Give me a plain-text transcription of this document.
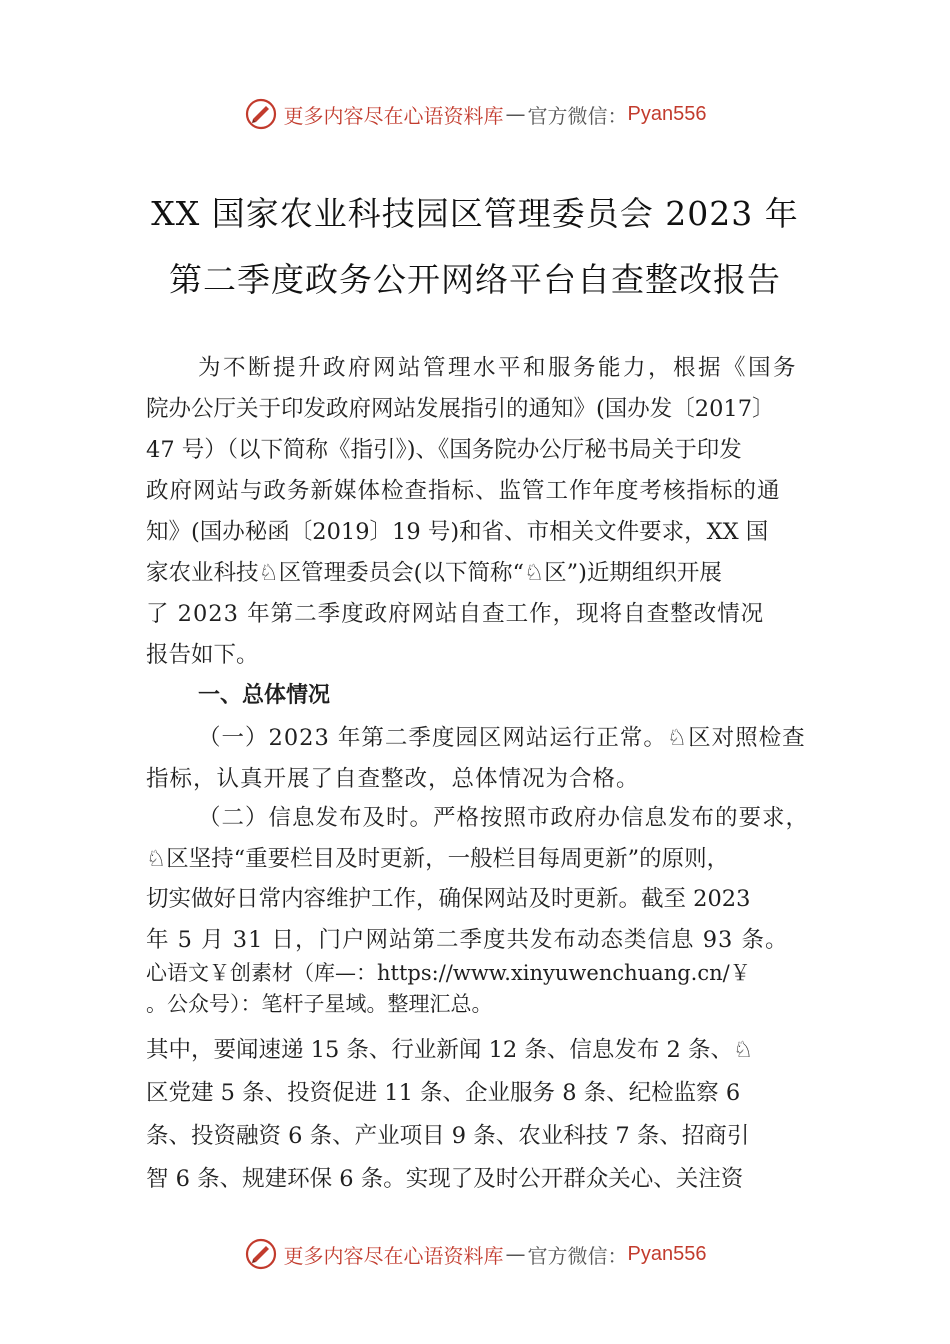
更多内容尽在心语资料库 — 官方微信： Pyan556
XX 国家农业科技园区管理委员会 2023 年
第二季度政务公开网络平台自查整改报告
为不断提升政府网站管理水平和服务能力，根据《国务
院办公厅关于印发政府网站发展指引的通知》(国办发〔2017〕
47 号）（以下简称《指引》)、《国务院办公厅秘书局关于印发
政府网站与政务新媒体检查指标、监管工作年度考核指标的通
知》(国办秘函〔2019〕19 号)和省、市相关文件要求，XX 国
家农业科技♘区管理委员会(以下简称“♘区”)近期组织开展
了 2023 年第二季度政府网站自查工作，现将自查整改情况
报告如下。
一、总体情况
（一）2023 年第二季度园区网站运行正常。♘区对照检查
指标，认真开展了自查整改，总体情况为合格。
（二）信息发布及时。严格按照市政府办信息发布的要求，
♘区坚持“重要栏目及时更新，一般栏目每周更新”的原则，
切实做好日常内容维护工作，确保网站及时更新。截至 2023
年 5 月 31 日，门户网站第二季度共发布动态类信息 93 条。
心语文￥创素材（库—：https://www.xinyuwenchuang.cn/￥
。公众号）：笔杆子星域。整理汇总。
其中，要闻速递 15 条、行业新闻 12 条、信息发布 2 条、♘
区党建 5 条、投资促进 11 条、企业服务 8 条、纪检监察 6
条、投资融资 6 条、产业项目 9 条、农业科技 7 条、招商引
智 6 条、规建环保 6 条。实现了及时公开群众关心、关注资
更多内容尽在心语资料库 — 官方微信： Pyan556
